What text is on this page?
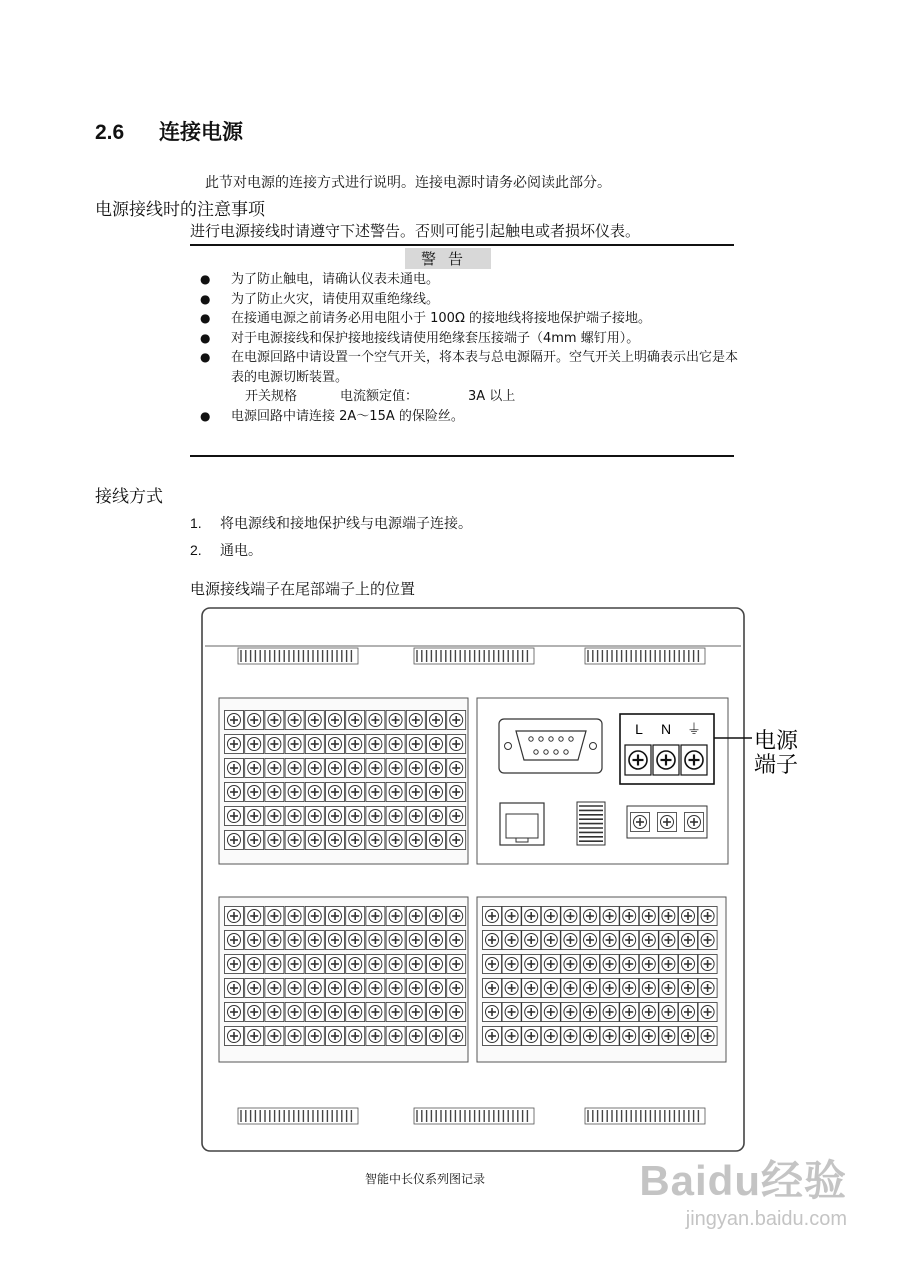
2.6 连接电源
此节对电源的连接方式进行说明。连接电源时请务必阅读此部分。
电源接线时的注意事项
进行电源接线时请遵守下述警告。否则可能引起触电或者损坏仪表。
警告
● 为了防止触电，请确认仪表未通电。
● 为了防止火灾，请使用双重绝缘线。
● 在接通电源之前请务必用电阻小于 100Ω 的接地线将接地保护端子接地。
● 对于电源接线和保护接地接线请使用绝缘套压接端子（4mm 螺钉用）。
● 在电源回路中请设置一个空气开关，将本表与总电源隔开。空气开关上明确表示出它是本表的电源切断装置。
开关规格	电流额定值：	3A 以上
● 电源回路中请连接 2A～15A 的保险丝。
接线方式
1. 将电源线和接地保护线与电源端子连接。
2. 通电。
电源接线端子在尾部端子上的位置
L N ⏚ 电源
端子
智能中长仪系列图记录	Baidu经验
jingyan.baidu.com
